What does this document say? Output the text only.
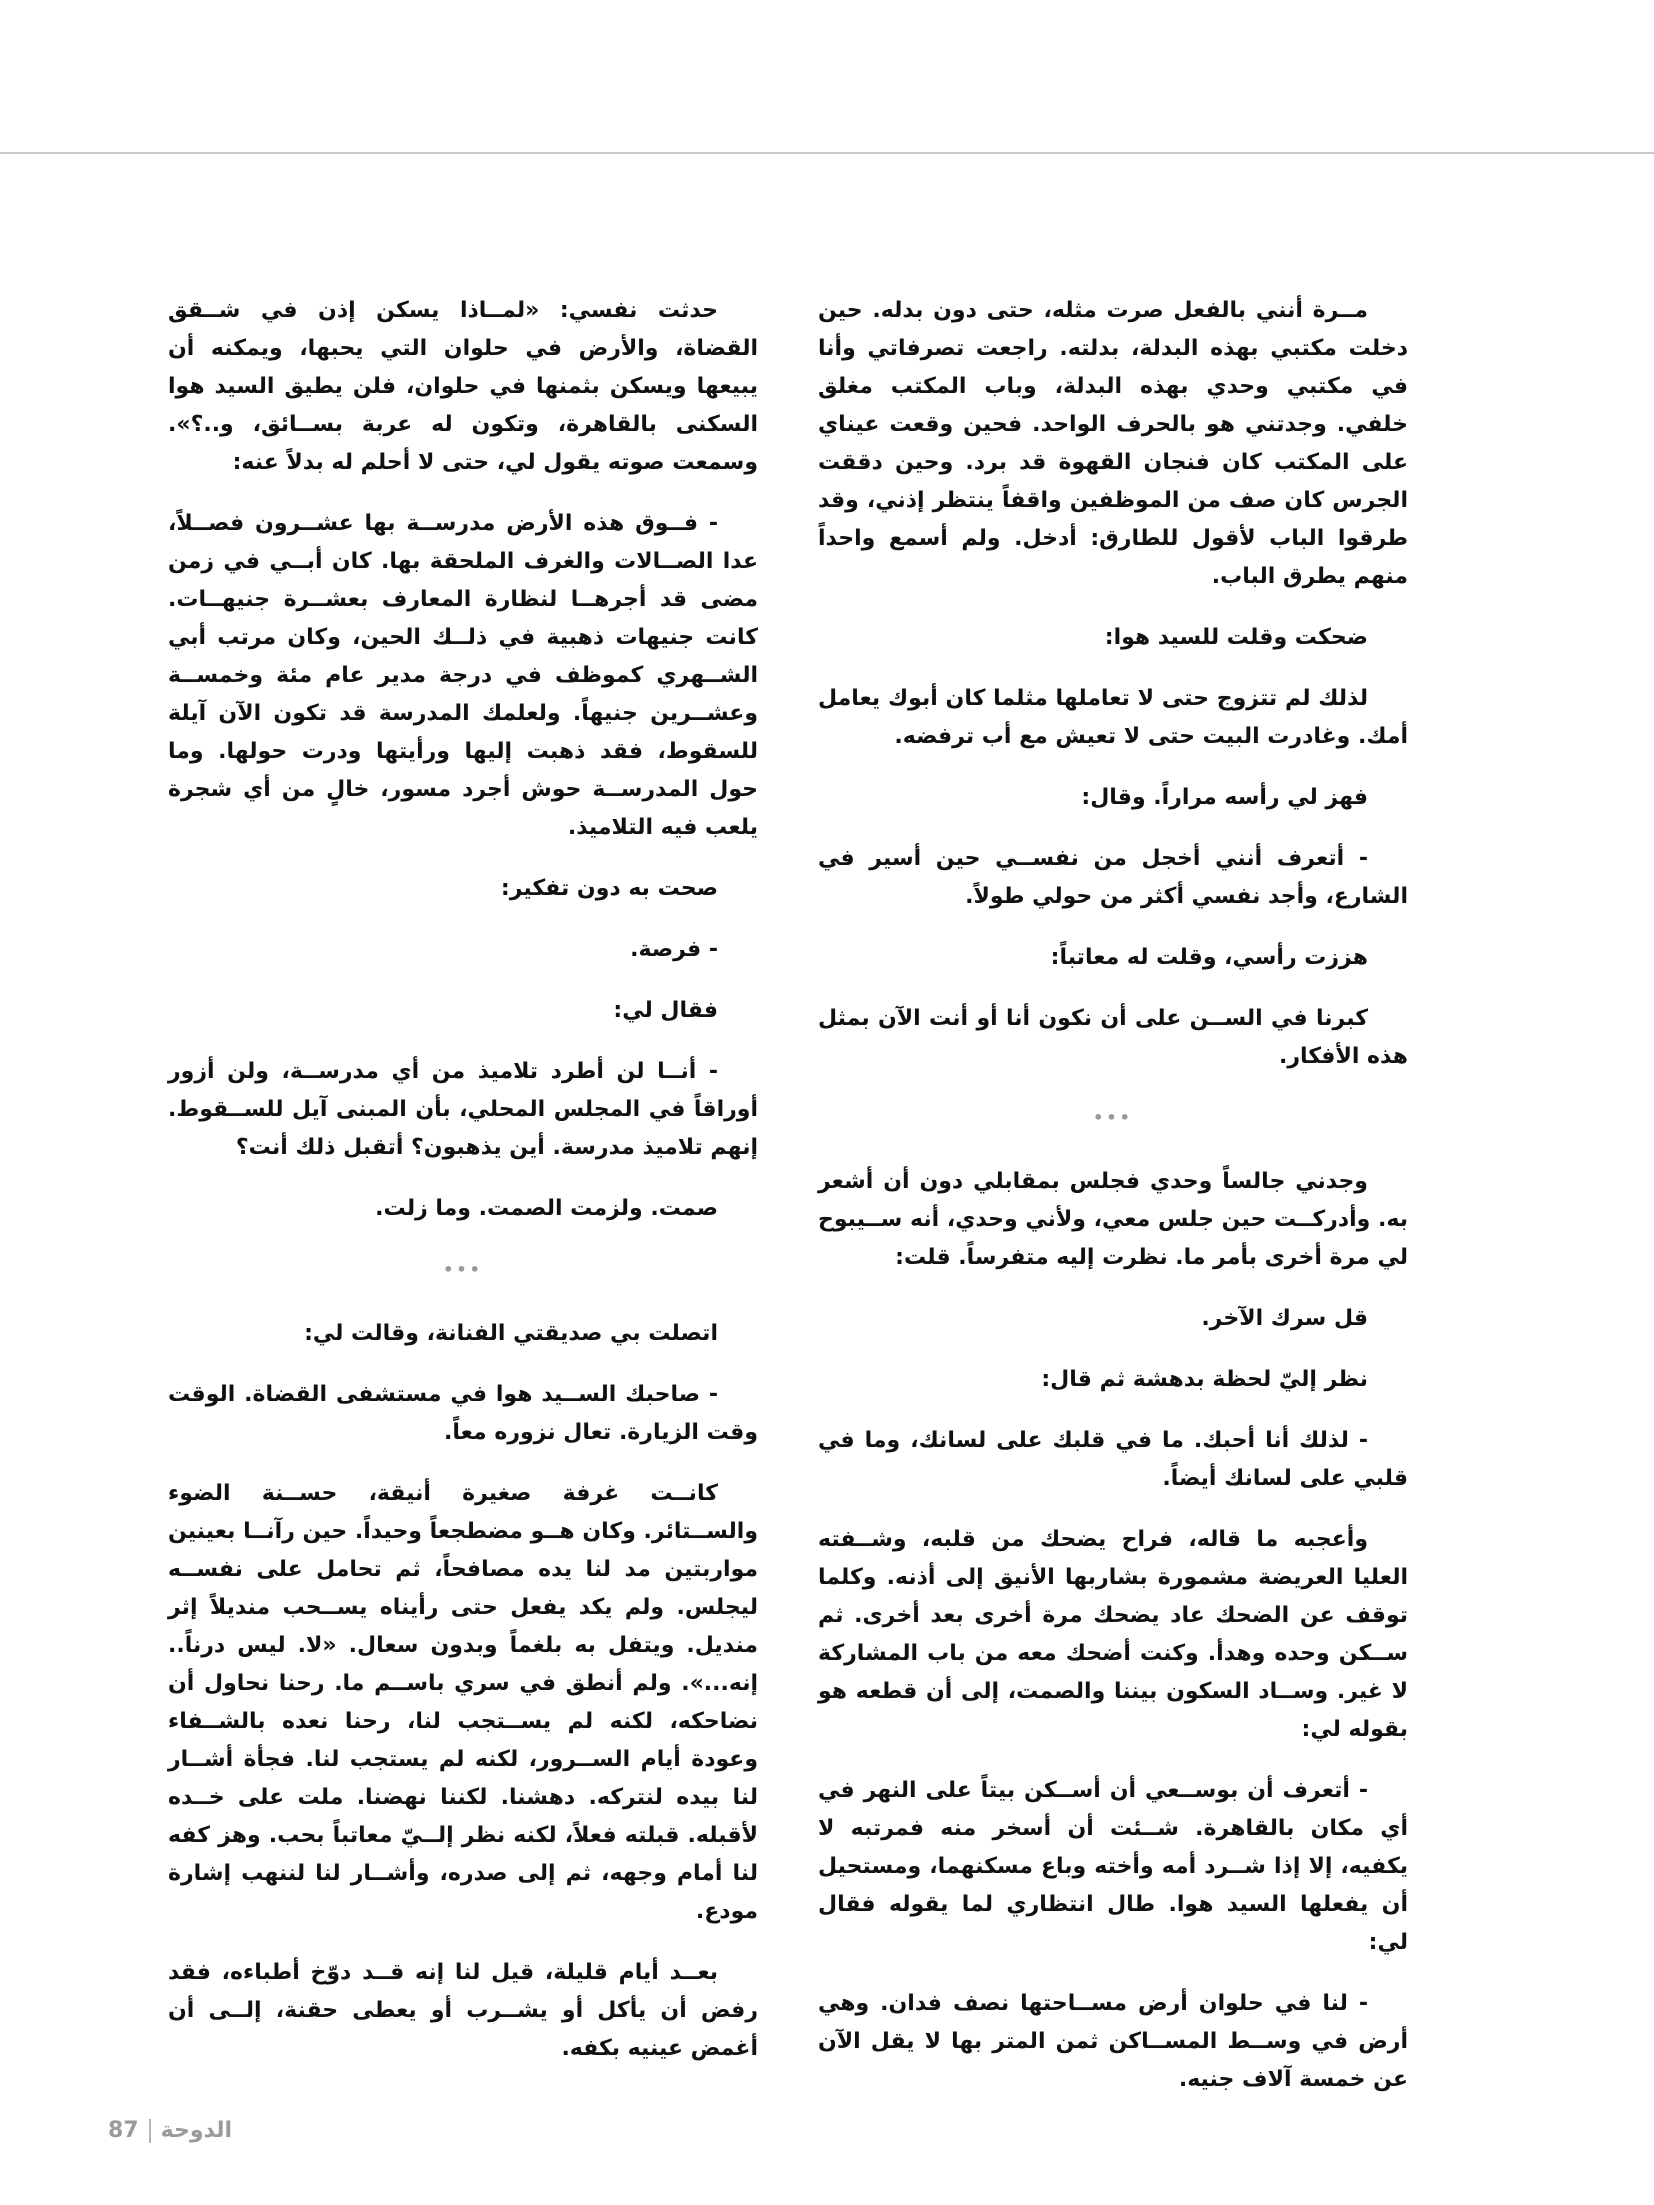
مــرة أنني بالفعل صرت مثله، حتى دون بدله. حين دخلت مكتبي بهذه البدلة، بدلته. راجعت تصرفاتي وأنا في مكتبي وحدي بهذه البدلة، وباب المكتب مغلق خلفي. وجدتني هو بالحرف الواحد. فحين وقعت عيناي على المكتب كان فنجان القهوة قد برد. وحين دققت الجرس كان صف من الموظفين واقفاً ينتظر إذني، وقد طرقوا الباب لأقول للطارق: أدخل. ولم أسمع واحداً منهم يطرق الباب.

ضحكت وقلت للسيد هوا:

لذلك لم تتزوج حتى لا تعاملها مثلما كان أبوك يعامل أمك. وغادرت البيت حتى لا تعيش مع أب ترفضه.

فهز لي رأسه مراراً. وقال:

- أتعرف أنني أخجل من نفســي حين أسير في الشارع، وأجد نفسي أكثر من حولي طولاً.

هززت رأسي، وقلت له معاتباً:

كبرنا في الســن على أن نكون أنا أو أنت الآن بمثل هذه الأفكار.

•••

وجدني جالساً وحدي فجلس بمقابلي دون أن أشعر به. وأدركــت حين جلس معي، ولأني وحدي، أنه ســيبوح لي مرة أخرى بأمر ما. نظرت إليه متفرساً. قلت:

قل سرك الآخر.

نظر إليّ لحظة بدهشة ثم قال:

- لذلك أنا أحبك. ما في قلبك على لسانك، وما في قلبي على لسانك أيضاً.

وأعجبه ما قاله، فراح يضحك من قلبه، وشــفته العليا العريضة مشمورة بشاربها الأنيق إلى أذنه. وكلما توقف عن الضحك عاد يضحك مرة أخرى بعد أخرى. ثم ســكن وحده وهدأ. وكنت أضحك معه من باب المشاركة لا غير. وســاد السكون بيننا والصمت، إلى أن قطعه هو بقوله لي:

- أتعرف أن بوســعي أن أســكن بيتاً على النهر في أي مكان بالقاهرة. شــئت أن أسخر منه فمرتبه لا يكفيه، إلا إذا شــرد أمه وأخته وباع مسكنهما، ومستحيل أن يفعلها السيد هوا. طال انتظاري لما يقوله فقال لي:

- لنا في حلوان أرض مســاحتها نصف فدان. وهي أرض في وســط المســاكن ثمن المتر بها لا يقل الآن عن خمسة آلاف جنيه.

حدثت نفسي: «لمــاذا يسكن إذن في شــقق القضاة، والأرض في حلوان التي يحبها، ويمكنه أن يبيعها ويسكن بثمنها في حلوان، فلن يطيق السيد هوا السكنى بالقاهرة، وتكون له عربة بســائق، و..؟». وسمعت صوته يقول لي، حتى لا أحلم له بدلاً عنه:

- فــوق هذه الأرض مدرســة بها عشــرون فصــلاً، عدا الصــالات والغرف الملحقة بها. كان أبــي في زمن مضى قد أجرهــا لنظارة المعارف بعشــرة جنيهــات. كانت جنيهات ذهبية في ذلــك الحين، وكان مرتب أبي الشــهري كموظف في درجة مدير عام مئة وخمســة وعشــرين جنيهاً. ولعلمك المدرسة قد تكون الآن آيلة للسقوط، فقد ذهبت إليها ورأيتها ودرت حولها. وما حول المدرســة حوش أجرد مسور، خالٍ من أي شجرة يلعب فيه التلاميذ.

صحت به دون تفكير:

- فرصة.

فقال لي:

- أنــا لن أطرد تلاميذ من أي مدرســة، ولن أزور أوراقاً في المجلس المحلي، بأن المبنى آيل للســقوط. إنهم تلاميذ مدرسة. أين يذهبون؟ أتقبل ذلك أنت؟

صمت. ولزمت الصمت. وما زلت.

•••

اتصلت بي صديقتي الفنانة، وقالت لي:

- صاحبك الســيد هوا في مستشفى القضاة. الوقت وقت الزيارة. تعال نزوره معاً.

كانــت غرفة صغيرة أنيقة، حســنة الضوء والســتائر. وكان هــو مضطجعاً وحيداً. حين رآنــا بعينين مواربتين مد لنا يده مصافحاً، ثم تحامل على نفســه ليجلس. ولم يكد يفعل حتى رأيناه يســحب منديلاً إثر منديل. ويتفل به بلغماً وبدون سعال. «لا. ليس درناً.. إنه...». ولم أنطق في سري باســم ما. رحنا نحاول أن نضاحكه، لكنه لم يســتجب لنا، رحنا نعده بالشــفاء وعودة أيام الســرور، لكنه لم يستجب لنا. فجأة أشــار لنا بيده لنتركه. دهشنا. لكننا نهضنا. ملت على خــده لأقبله. قبلته فعلاً، لكنه نظر إلــيّ معاتباً بحب. وهز كفه لنا أمام وجهه، ثم إلى صدره، وأشــار لنا لننهب إشارة مودع.

بعــد أيام قليلة، قيل لنا إنه قــد دوّخ أطباءه، فقد رفض أن يأكل أو يشــرب أو يعطى حقنة، إلــى أن أغمض عينيه بكفه.

87 الدوحة
